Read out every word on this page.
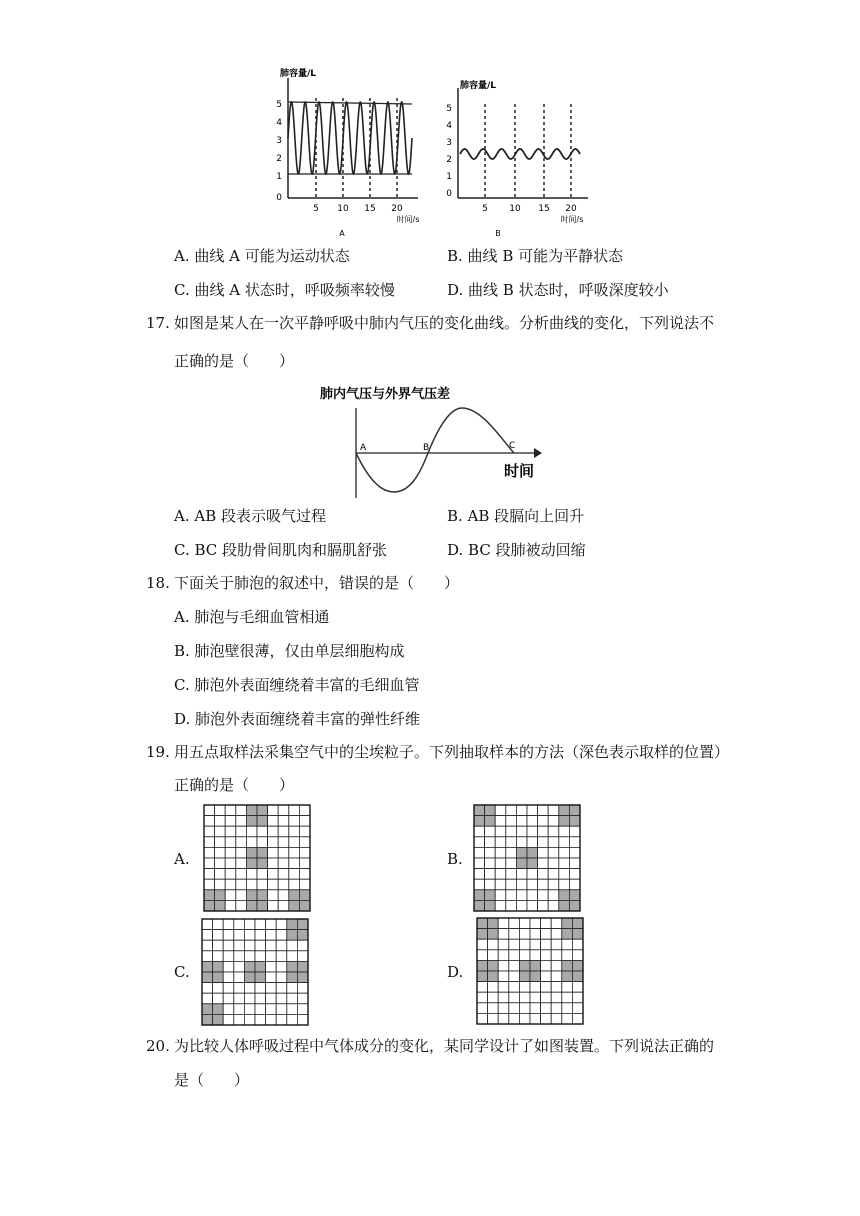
肺容量/L
5
4
3
2
1
0
5 10 15 20
时间/s
A
肺容量/L
5
4
3
2
1
0
5 10 15 20
时间/s
B
A. 曲线 A 可能为运动状态	B. 曲线 B 可能为平静状态
C. 曲线 A 状态时，呼吸频率较慢	D. 曲线 B 状态时，呼吸深度较小
17. 如图是某人在一次平静呼吸中肺内气压的变化曲线。分析曲线的变化，下列说法不
正确的是（　　）
肺内气压与外界气压差
A	B	C
时间
A. AB 段表示吸气过程	B. AB 段膈向上回升
C. BC 段肋骨间肌肉和膈肌舒张	D. BC 段肺被动回缩
18. 下面关于肺泡的叙述中，错误的是（　　）
A. 肺泡与毛细血管相通
B. 肺泡壁很薄，仅由单层细胞构成
C. 肺泡外表面缠绕着丰富的毛细血管
D. 肺泡外表面缠绕着丰富的弹性纤维
19. 用五点取样法采集空气中的尘埃粒子。下列抽取样本的方法（深色表示取样的位置）
正确的是（　　）
A.	B.
C.	D.
20. 为比较人体呼吸过程中气体成分的变化，某同学设计了如图装置。下列说法正确的
是（　　）
